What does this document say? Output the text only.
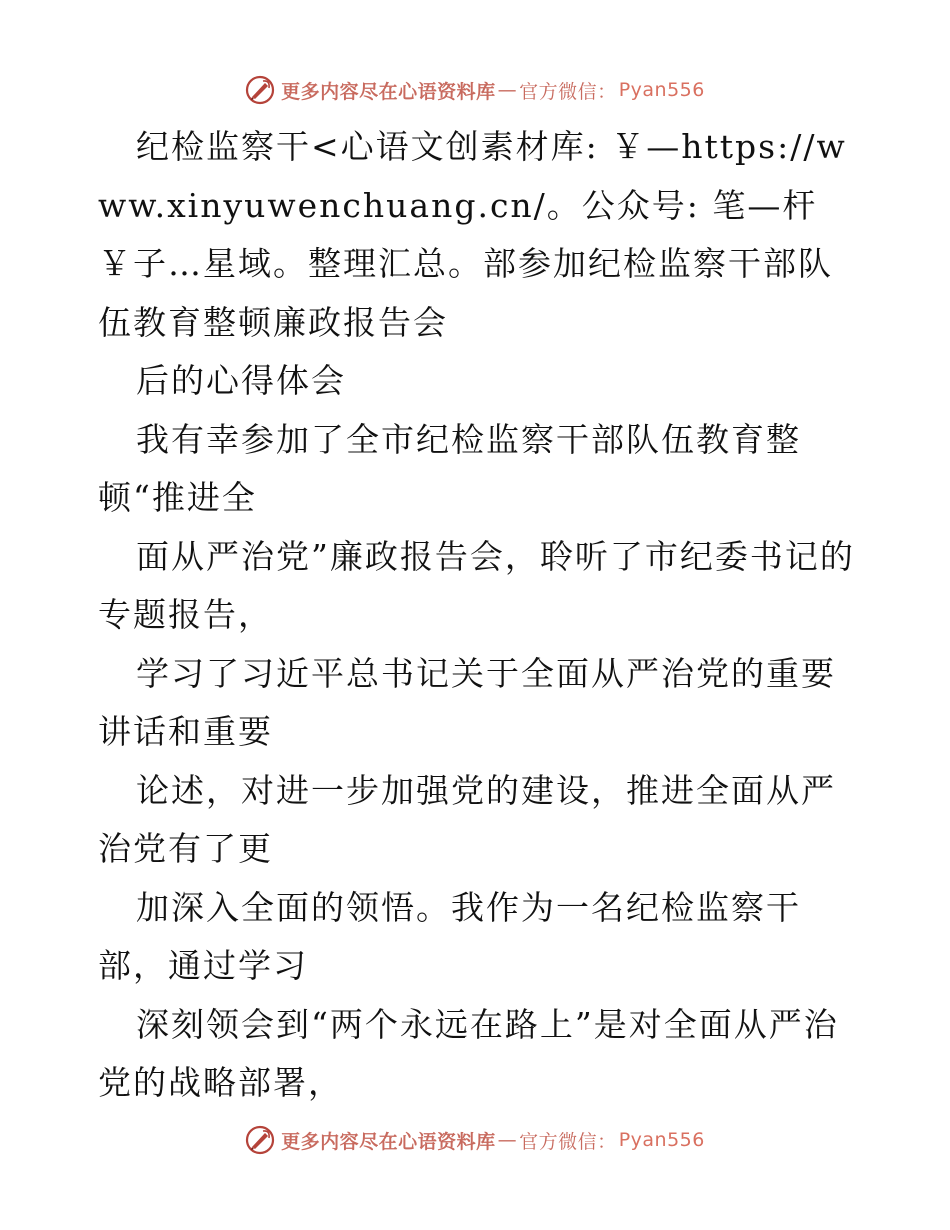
更多内容尽在心语资料库 — 官方微信： Pyan556

纪检监察干<心语文创素材库: ￥—https://www.xinyuwenchuang.cn/。公众号: 笔—杆￥子…星域。整理汇总。部参加纪检监察干部队伍教育整顿廉政报告会

后的心得体会

我有幸参加了全市纪检监察干部队伍教育整

顿“推进全

面从严治党”廉政报告会，聆听了市纪委书记的专题报告，

学习了习近平总书记关于全面从严治党的重要讲话和重要

论述，对进一步加强党的建设，推进全面从严治党有了更

加深入全面的领悟。我作为一名纪检监察干部，通过学习

深刻领会到“两个永远在路上”是对全面从严治党的战略部署，

更多内容尽在心语资料库 — 官方微信： Pyan556
